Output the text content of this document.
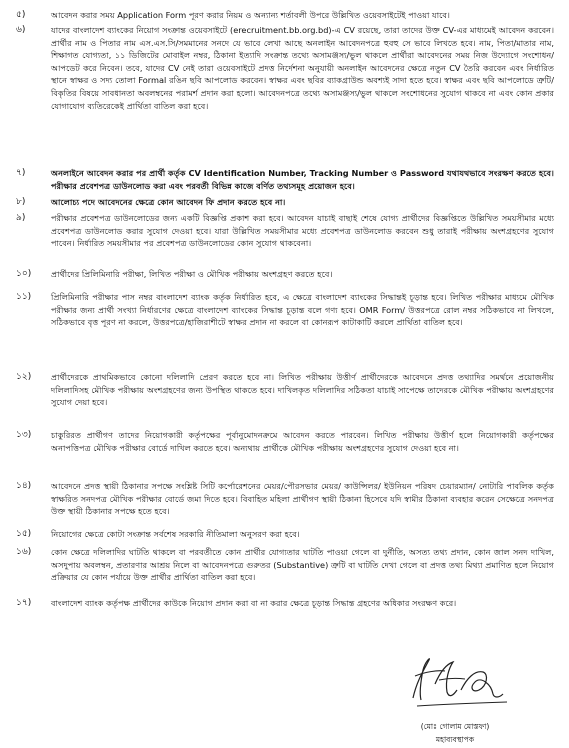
৫)	আবেদন করার সময় Application Form পূরণ করার নিয়ম ও অন্যান্য শর্তাবলী উপরে উল্লিখিত ওয়েবসাইটেই পাওয়া যাবে।
৬)	যাদের বাংলাদেশ ব্যাংকের নিয়োগ সংক্রান্ত ওয়েবসাইটে (erecruitment.bb.org.bd)-এ CV রয়েছে, তারা তাদের উক্ত CV-এর মাধ্যমেই আবেদন করবেন। প্রার্থীর নাম ও পিতার নাম এস.এস.সি/সমমানের সনদে যে ভাবে লেখা আছে অনলাইন আবেদনপত্রে হুবহু সে ভাবে লিখতে হবে। নাম, পিতা/মাতার নাম, শিক্ষাগত যোগ্যতা, ১১ ডিজিটের মোবাইল নম্বর, ঠিকানা ইত্যাদি সংক্রান্ত তথ্যে অসামঞ্জস্য/ভুল থাকলে প্রার্থীরা আবেদনের সময় নিজ উদ্যোগে সংশোধন/আপডেট করে নিবেন। তবে, যাদের CV নেই তারা ওয়েবসাইটে প্রদত্ত নির্দেশনা অনুযায়ী অনলাইন আবেদনের ক্ষেত্রে নতুন CV তৈরি করবেন এবং নির্ধারিত স্থানে স্বাক্ষর ও সদ্য তোলা Formal রঙিন ছবি আপলোড করবেন। স্বাক্ষর এবং ছবির ব্যাকগ্রাউন্ড অবশ্যই সাদা হতে হবে। স্বাক্ষর এবং ছবি আপলোডে ত্রুটি/বিকৃতির বিষয়ে সাবধানতা অবলম্বনের পরামর্শ প্রদান করা হলো। আবেদনপত্রে তথ্যে অসামঞ্জস্য/ভুল থাকলে সংশোধনের সুযোগ থাকবে না এবং কোন প্রকার যোগাযোগ ব্যতিরেকেই প্রার্থিতা বাতিল করা হবে।
৭)	অনলাইনে আবেদন করার পর প্রার্থী কর্তৃক CV Identification Number, Tracking Number ও Password যথাযথভাবে সংরক্ষণ করতে হবে। পরীক্ষার প্রবেশপত্র ডাউনলোড করা এবং পরবর্তী বিভিন্ন কাজে বর্ণিত তথ্যসমূহ প্রয়োজন হবে।
৮)	আলোচ্য পদে আবেদনের ক্ষেত্রে কোন আবেদন ফি প্রদান করতে হবে না।
৯)	পরীক্ষার প্রবেশপত্র ডাউনলোডের জন্য একটি বিজ্ঞপ্তি প্রকাশ করা হবে। আবেদন যাচাই বাছাই শেষে যোগ্য প্রার্থীদের বিজ্ঞপ্তিতে উল্লিখিত সময়সীমার মধ্যে প্রবেশপত্র ডাউনলোড করার সুযোগ দেওয়া হবে। যারা উল্লিখিত সময়সীমার মধ্যে প্রবেশপত্র ডাউনলোড করবেন শুধু তারাই পরীক্ষায় অংশগ্রহণের সুযোগ পাবেন। নির্ধারিত সময়সীমার পর প্রবেশপত্র ডাউনলোডের কোন সুযোগ থাকবেনা।
১০)	প্রার্থীদের প্রিলিমিনারি পরীক্ষা, লিখিত পরীক্ষা ও মৌখিক পরীক্ষায় অংশগ্রহণ করতে হবে।
১১)	প্রিলিমিনারি পরীক্ষার পাস নম্বর বাংলাদেশ ব্যাংক কর্তৃক নির্ধারিত হবে, এ ক্ষেত্রে বাংলাদেশ ব্যাংকের সিদ্ধান্তই চূড়ান্ত হবে। লিখিত পরীক্ষার মাধ্যমে মৌখিক পরীক্ষার জন্য প্রার্থী সংখ্যা নির্ধারণের ক্ষেত্রে বাংলাদেশ ব্যাংকের সিদ্ধান্ত চূড়ান্ত বলে গণ্য হবে। OMR Form/ উত্তরপত্রে রোল নম্বর সঠিকভাবে না লিখলে, সঠিকভাবে বৃত্ত পূরণ না করলে, উত্তরপত্রে/হাজিরাশীটে স্বাক্ষর প্রদান না করলে বা কোনরূপ কাটাকাটি করলে প্রার্থিতা বাতিল হবে।
১২)	প্রার্থীদেরকে প্রাথমিকভাবে কোনো দলিলাদি প্রেরণ করতে হবে না। লিখিত পরীক্ষায় উত্তীর্ণ প্রার্থীদেরকে আবেদনে প্রদত্ত তথ্যাদির সমর্থনে প্রয়োজনীয় দলিলাদিসহ মৌখিক পরীক্ষায় অংশগ্রহণের জন্য উপস্থিত থাকতে হবে। দাখিলকৃত দলিলাদির সঠিকতা যাচাই সাপেক্ষে তাদেরকে মৌখিক পরীক্ষায় অংশগ্রহণের সুযোগ দেয়া হবে।
১৩)	চাকুরিরত প্রার্থীগণ তাদের নিয়োগকারী কর্তৃপক্ষের পূর্বানুমোদনক্রমে আবেদন করতে পারবেন। লিখিত পরীক্ষায় উত্তীর্ণ হলে নিয়োগকারী কর্তৃপক্ষের অনাপত্তিপত্র মৌখিক পরীক্ষার বোর্ডে দাখিল করতে হবে। অন্যথায় প্রার্থীকে মৌখিক পরীক্ষায় অংশগ্রহণের সুযোগ দেওয়া হবে না।
১৪)	আবেদনে প্রদত্ত স্থায়ী ঠিকানার সপক্ষে সংশ্লিষ্ট সিটি কর্পোরেশনের মেয়র/পৌরসভার মেয়র/ কাউন্সিলর/ ইউনিয়ন পরিষদ চেয়ারম্যান/ নোটারি পাবলিক কর্তৃক স্বাক্ষরিত সনদপত্র মৌখিক পরীক্ষার বোর্ডে জমা দিতে হবে। বিবাহিত মহিলা প্রার্থীগণ স্থায়ী ঠিকানা হিসেবে যদি স্বামীর ঠিকানা ব্যবহার করেন সেক্ষেত্রে সনদপত্র উক্ত স্থায়ী ঠিকানার সপক্ষে হতে হবে।
১৫)	নিয়োগের ক্ষেত্রে কোটা সংক্রান্ত সর্বশেষ সরকারি নীতিমালা অনুসরণ করা হবে।
১৬)	কোন ক্ষেত্রে দলিলাদির ঘাটতি থাকলে বা পরবর্তীতে কোন প্রার্থীর যোগ্যতার ঘাটতি পাওয়া গেলে বা দুর্নীতি, অসত্য তথ্য প্রদান, কোন জাল সনদ দাখিল, অসদুপায় অবলম্বন, প্রতারণার আশ্রয় নিলে বা আবেদনপত্রে গুরুতর (Substantive) ত্রুটি বা ঘাটতি দেখা গেলে বা প্রদত্ত তথ্য মিথ্যা প্রমাণিত হলে নিয়োগ প্রক্রিয়ার যে কোন পর্যায়ে উক্ত প্রার্থীর প্রার্থিতা বাতিল করা হবে।
১৭)	বাংলাদেশ ব্যাংক কর্তৃপক্ষ প্রার্থীদের কাউকে নিয়োগ প্রদান করা বা না করার ক্ষেত্রে চূড়ান্ত সিদ্ধান্ত গ্রহণের অধিকার সংরক্ষণ করে।
(মোঃ গোলাম মোস্তফা)
মহাব্যবস্থাপক
